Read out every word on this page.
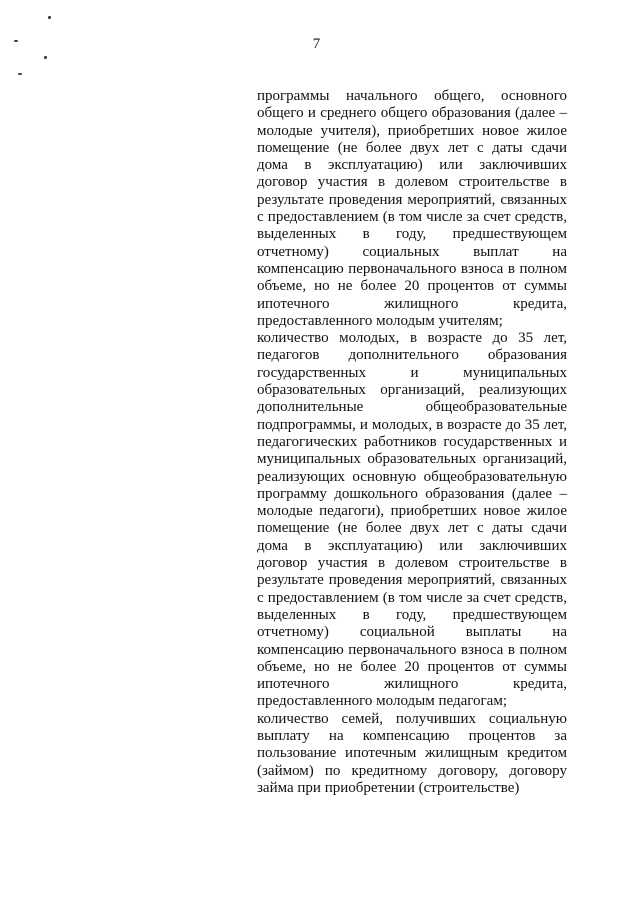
7

программы начального общего, основного общего и среднего общего образования (далее – молодые учителя), приобретших новое жилое помещение (не более двух лет с даты сдачи дома в эксплуатацию) или заключивших договор участия в долевом строительстве в результате проведения мероприятий, связанных с предоставлением (в том числе за счет средств, выделенных в году, предшествующем отчетному) социальных выплат на компенсацию первоначального взноса в полном объеме, но не более 20 процентов от суммы ипотечного жилищного кредита, предоставленного молодым учителям;

количество молодых, в возрасте до 35 лет, педагогов дополнительного образования государственных и муниципальных образовательных организаций, реализующих дополнительные общеобразовательные подпрограммы, и молодых, в возрасте до 35 лет, педагогических работников государственных и муниципальных образовательных организаций, реализующих основную общеобразовательную программу дошкольного образования (далее – молодые педагоги), приобретших новое жилое помещение (не более двух лет с даты сдачи дома в эксплуатацию) или заключивших договор участия в долевом строительстве в результате проведения мероприятий, связанных с предоставлением (в том числе за счет средств, выделенных в году, предшествующем отчетному) социальной выплаты на компенсацию первоначального взноса в полном объеме, но не более 20 процентов от суммы ипотечного жилищного кредита, предоставленного молодым педагогам;

количество семей, получивших социальную выплату на компенсацию процентов за пользование ипотечным жилищным кредитом (займом) по кредитному договору, договору займа при приобретении (строительстве)
